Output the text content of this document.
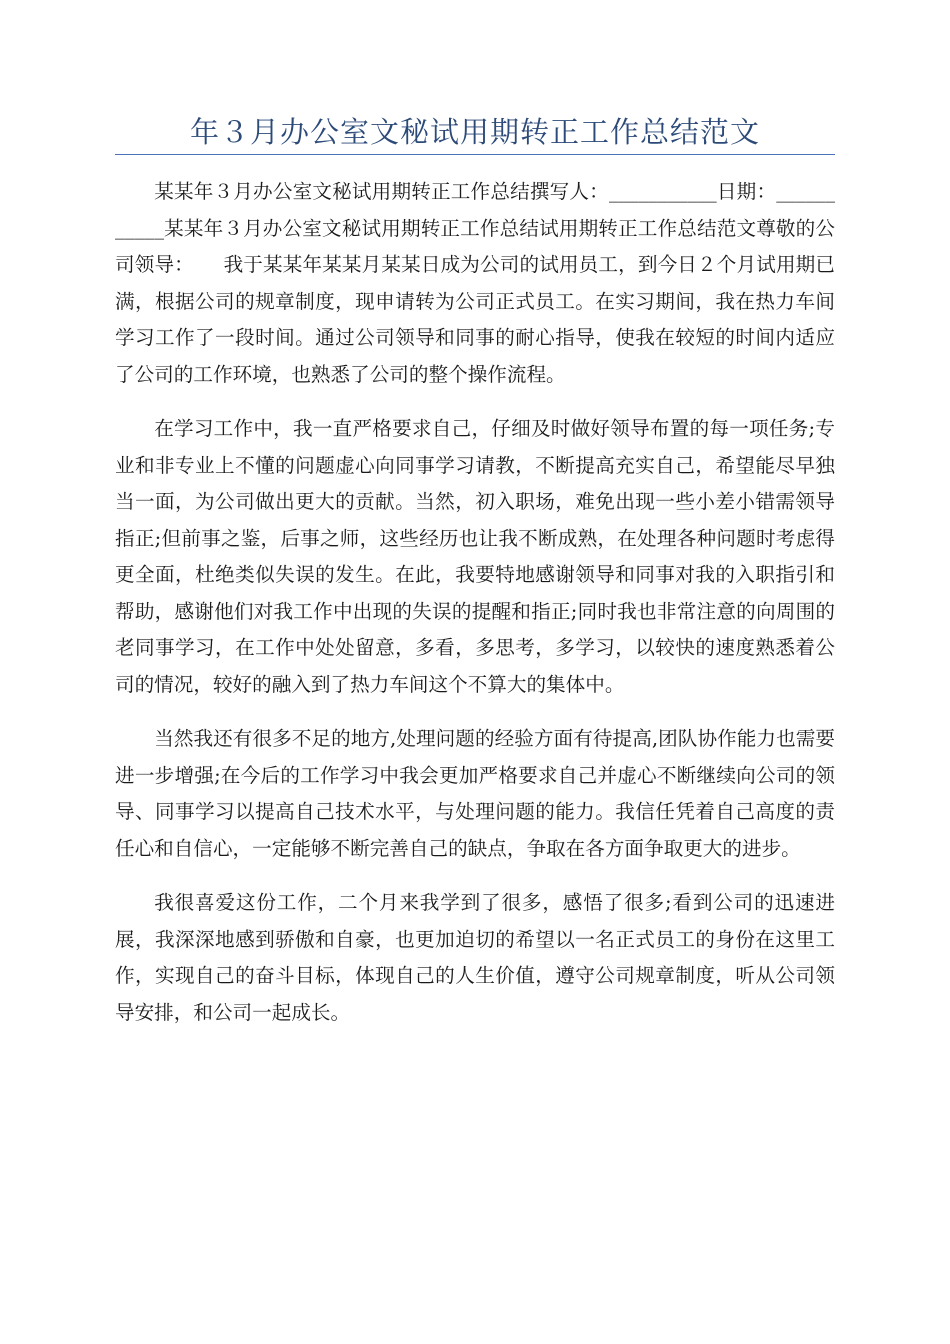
年３月办公室文秘试用期转正工作总结范文

某某年３月办公室文秘试用期转正工作总结撰写人：___________日期：___________某某年３月办公室文秘试用期转正工作总结试用期转正工作总结范文尊敬的公司领导：　　我于某某年某某月某某日成为公司的试用员工，到今日２个月试用期已满，根据公司的规章制度，现申请转为公司正式员工。在实习期间，我在热力车间学习工作了一段时间。通过公司领导和同事的耐心指导，使我在较短的时间内适应了公司的工作环境，也熟悉了公司的整个操作流程。

在学习工作中，我一直严格要求自己，仔细及时做好领导布置的每一项任务;专业和非专业上不懂的问题虚心向同事学习请教，不断提高充实自己，希望能尽早独当一面，为公司做出更大的贡献。当然，初入职场，难免出现一些小差小错需领导指正;但前事之鉴，后事之师，这些经历也让我不断成熟，在处理各种问题时考虑得更全面，杜绝类似失误的发生。在此，我要特地感谢领导和同事对我的入职指引和帮助，感谢他们对我工作中出现的失误的提醒和指正;同时我也非常注意的向周围的老同事学习，在工作中处处留意，多看，多思考，多学习，以较快的速度熟悉着公司的情况，较好的融入到了热力车间这个不算大的集体中。

当然我还有很多不足的地方,处理问题的经验方面有待提高,团队协作能力也需要进一步增强;在今后的工作学习中我会更加严格要求自己并虚心不断继续向公司的领导、同事学习以提高自己技术水平，与处理问题的能力。我信任凭着自己高度的责任心和自信心，一定能够不断完善自己的缺点，争取在各方面争取更大的进步。

我很喜爱这份工作，二个月来我学到了很多，感悟了很多;看到公司的迅速进展，我深深地感到骄傲和自豪，也更加迫切的希望以一名正式员工的身份在这里工作，实现自己的奋斗目标，体现自己的人生价值，遵守公司规章制度，听从公司领导安排，和公司一起成长。
